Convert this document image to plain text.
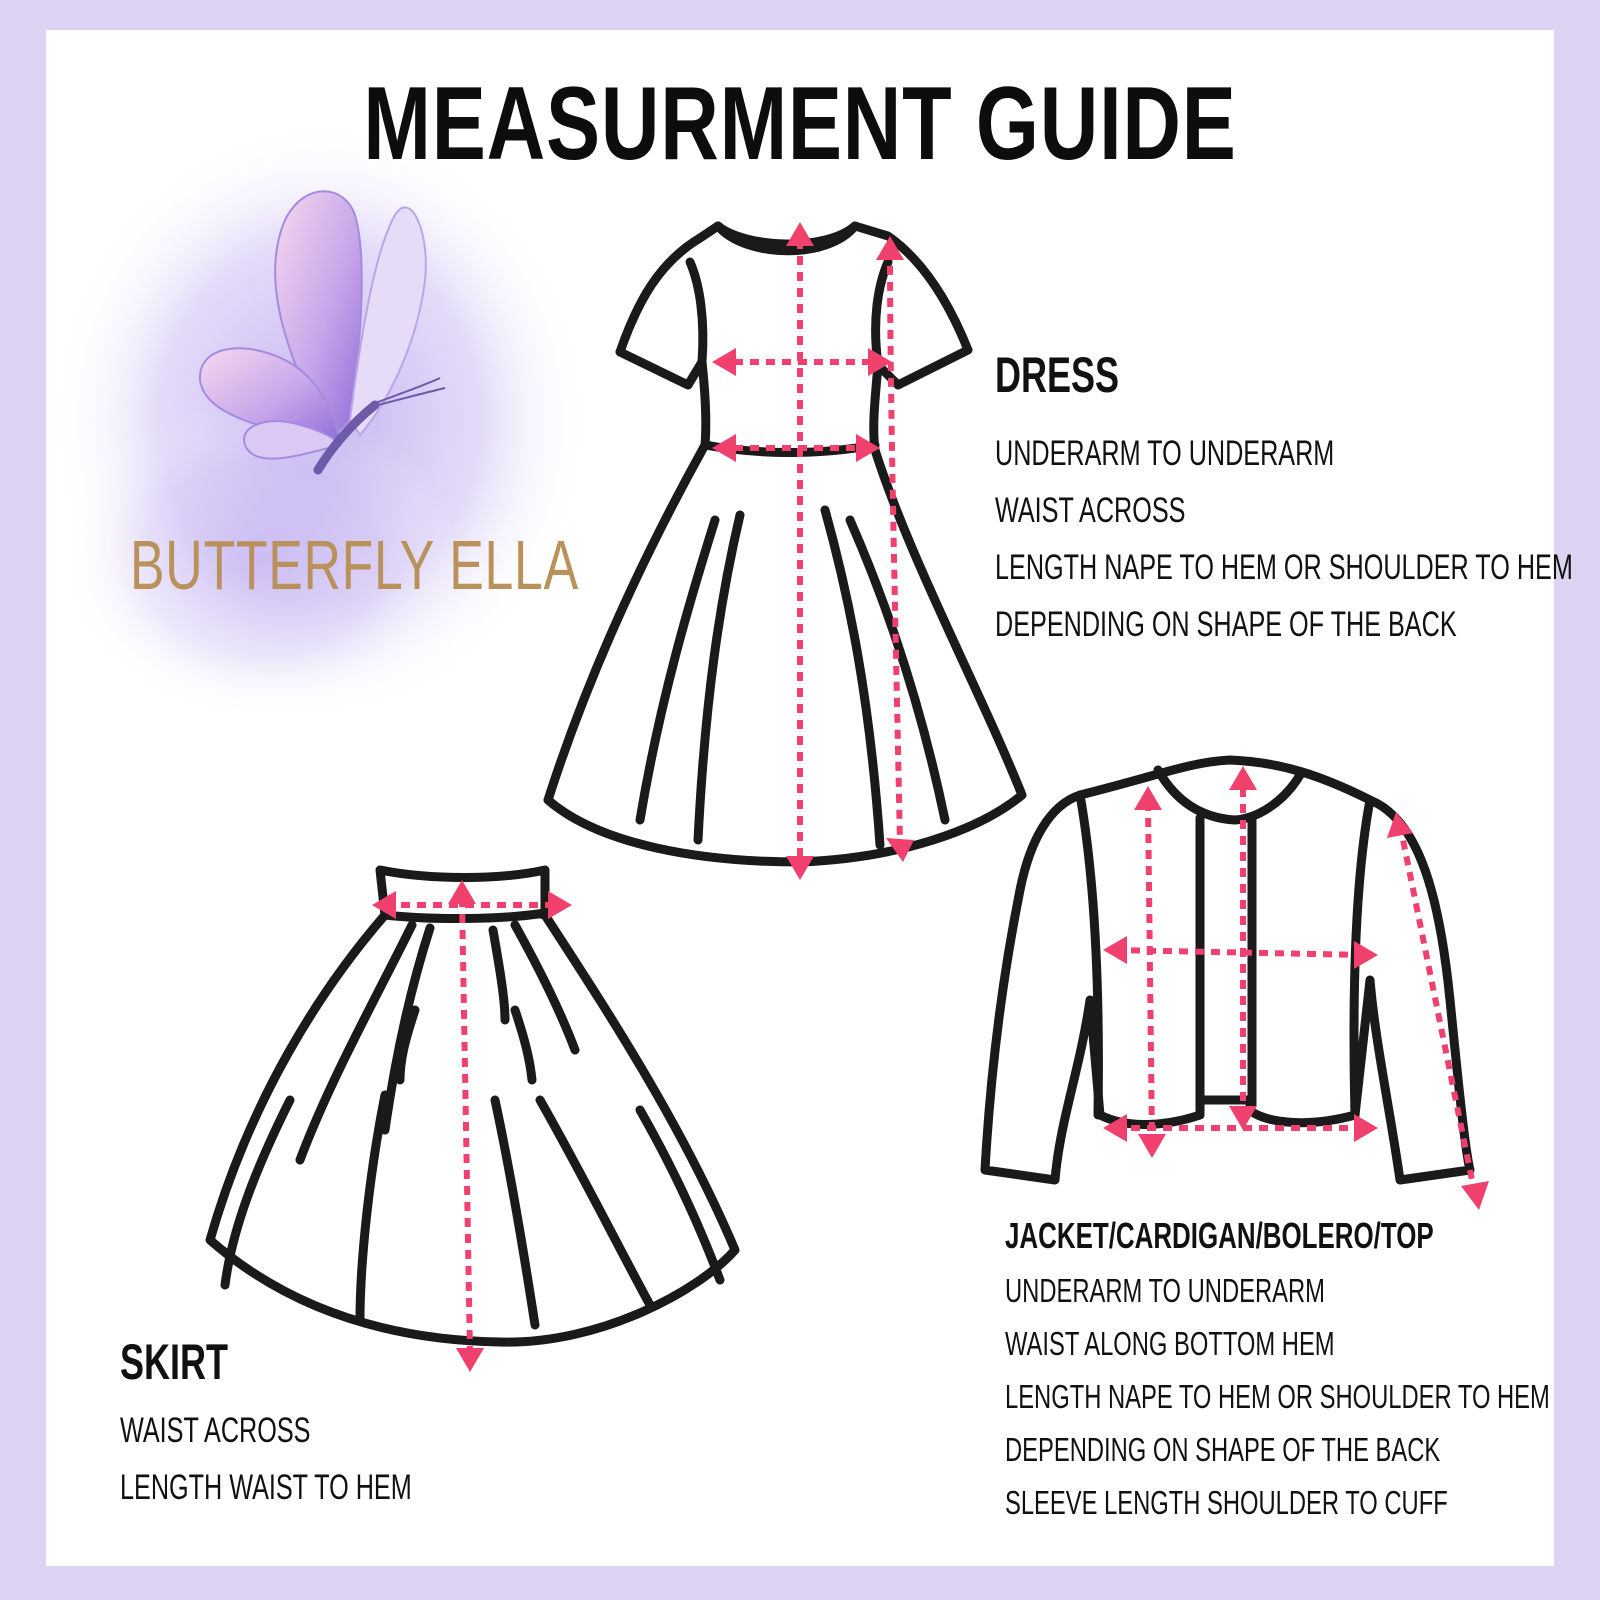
MEASURMENT GUIDE
BUTTERFLY ELLA
DRESS
UNDERARM TO UNDERARM
WAIST ACROSS
LENGTH NAPE TO HEM OR SHOULDER TO HEM
DEPENDING ON SHAPE OF THE BACK
SKIRT
WAIST ACROSS
LENGTH WAIST TO HEM
JACKET/CARDIGAN/BOLERO/TOP
UNDERARM TO UNDERARM
WAIST ALONG BOTTOM HEM
LENGTH NAPE TO HEM OR SHOULDER TO HEM
DEPENDING ON SHAPE OF THE BACK
SLEEVE LENGTH SHOULDER TO CUFF
